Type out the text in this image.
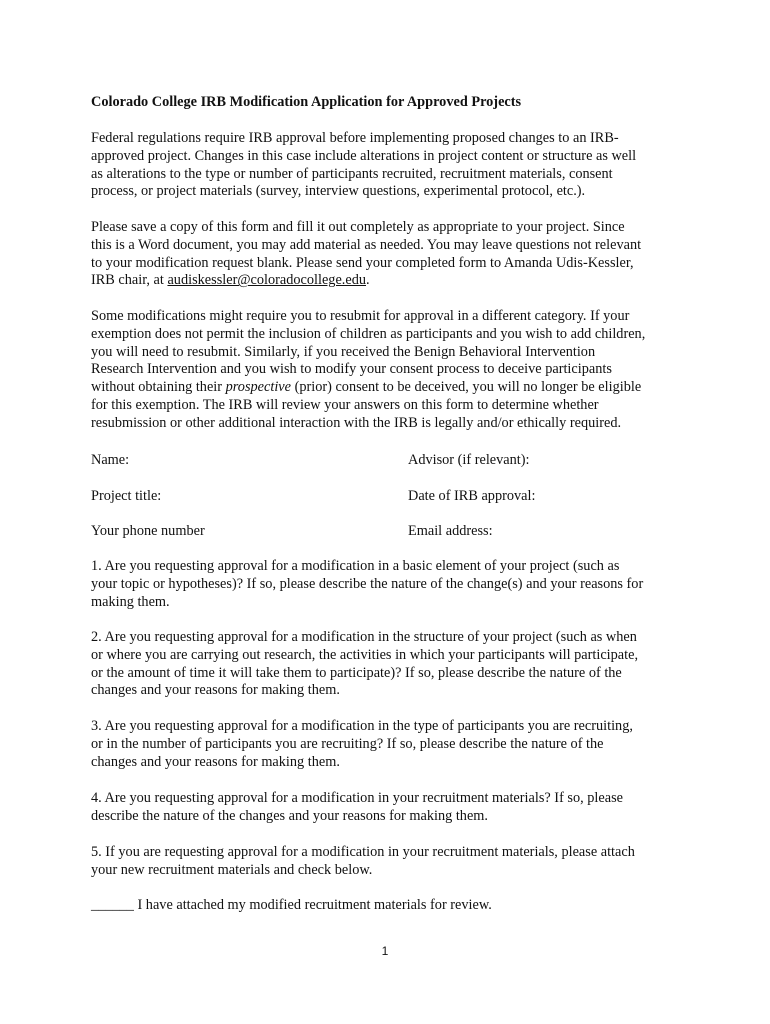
Colorado College IRB Modification Application for Approved Projects
Federal regulations require IRB approval before implementing proposed changes to an IRB-
approved project. Changes in this case include alterations in project content or structure as well
as alterations to the type or number of participants recruited, recruitment materials, consent
process, or project materials (survey, interview questions, experimental protocol, etc.).
Please save a copy of this form and fill it out completely as appropriate to your project. Since
this is a Word document, you may add material as needed. You may leave questions not relevant
to your modification request blank. Please send your completed form to Amanda Udis-Kessler,
IRB chair, at audiskessler@coloradocollege.edu.
Some modifications might require you to resubmit for approval in a different category. If your
exemption does not permit the inclusion of children as participants and you wish to add children,
you will need to resubmit. Similarly, if you received the Benign Behavioral Intervention
Research Intervention and you wish to modify your consent process to deceive participants
without obtaining their prospective (prior) consent to be deceived, you will no longer be eligible
for this exemption. The IRB will review your answers on this form to determine whether
resubmission or other additional interaction with the IRB is legally and/or ethically required.
Name:	Advisor (if relevant):
Project title:	Date of IRB approval:
Your phone number	Email address:
1. Are you requesting approval for a modification in a basic element of your project (such as
your topic or hypotheses)? If so, please describe the nature of the change(s) and your reasons for
making them.
2. Are you requesting approval for a modification in the structure of your project (such as when
or where you are carrying out research, the activities in which your participants will participate,
or the amount of time it will take them to participate)? If so, please describe the nature of the
changes and your reasons for making them.
3. Are you requesting approval for a modification in the type of participants you are recruiting,
or in the number of participants you are recruiting? If so, please describe the nature of the
changes and your reasons for making them.
4. Are you requesting approval for a modification in your recruitment materials? If so, please
describe the nature of the changes and your reasons for making them.
5. If you are requesting approval for a modification in your recruitment materials, please attach
your new recruitment materials and check below.
______ I have attached my modified recruitment materials for review.
1
